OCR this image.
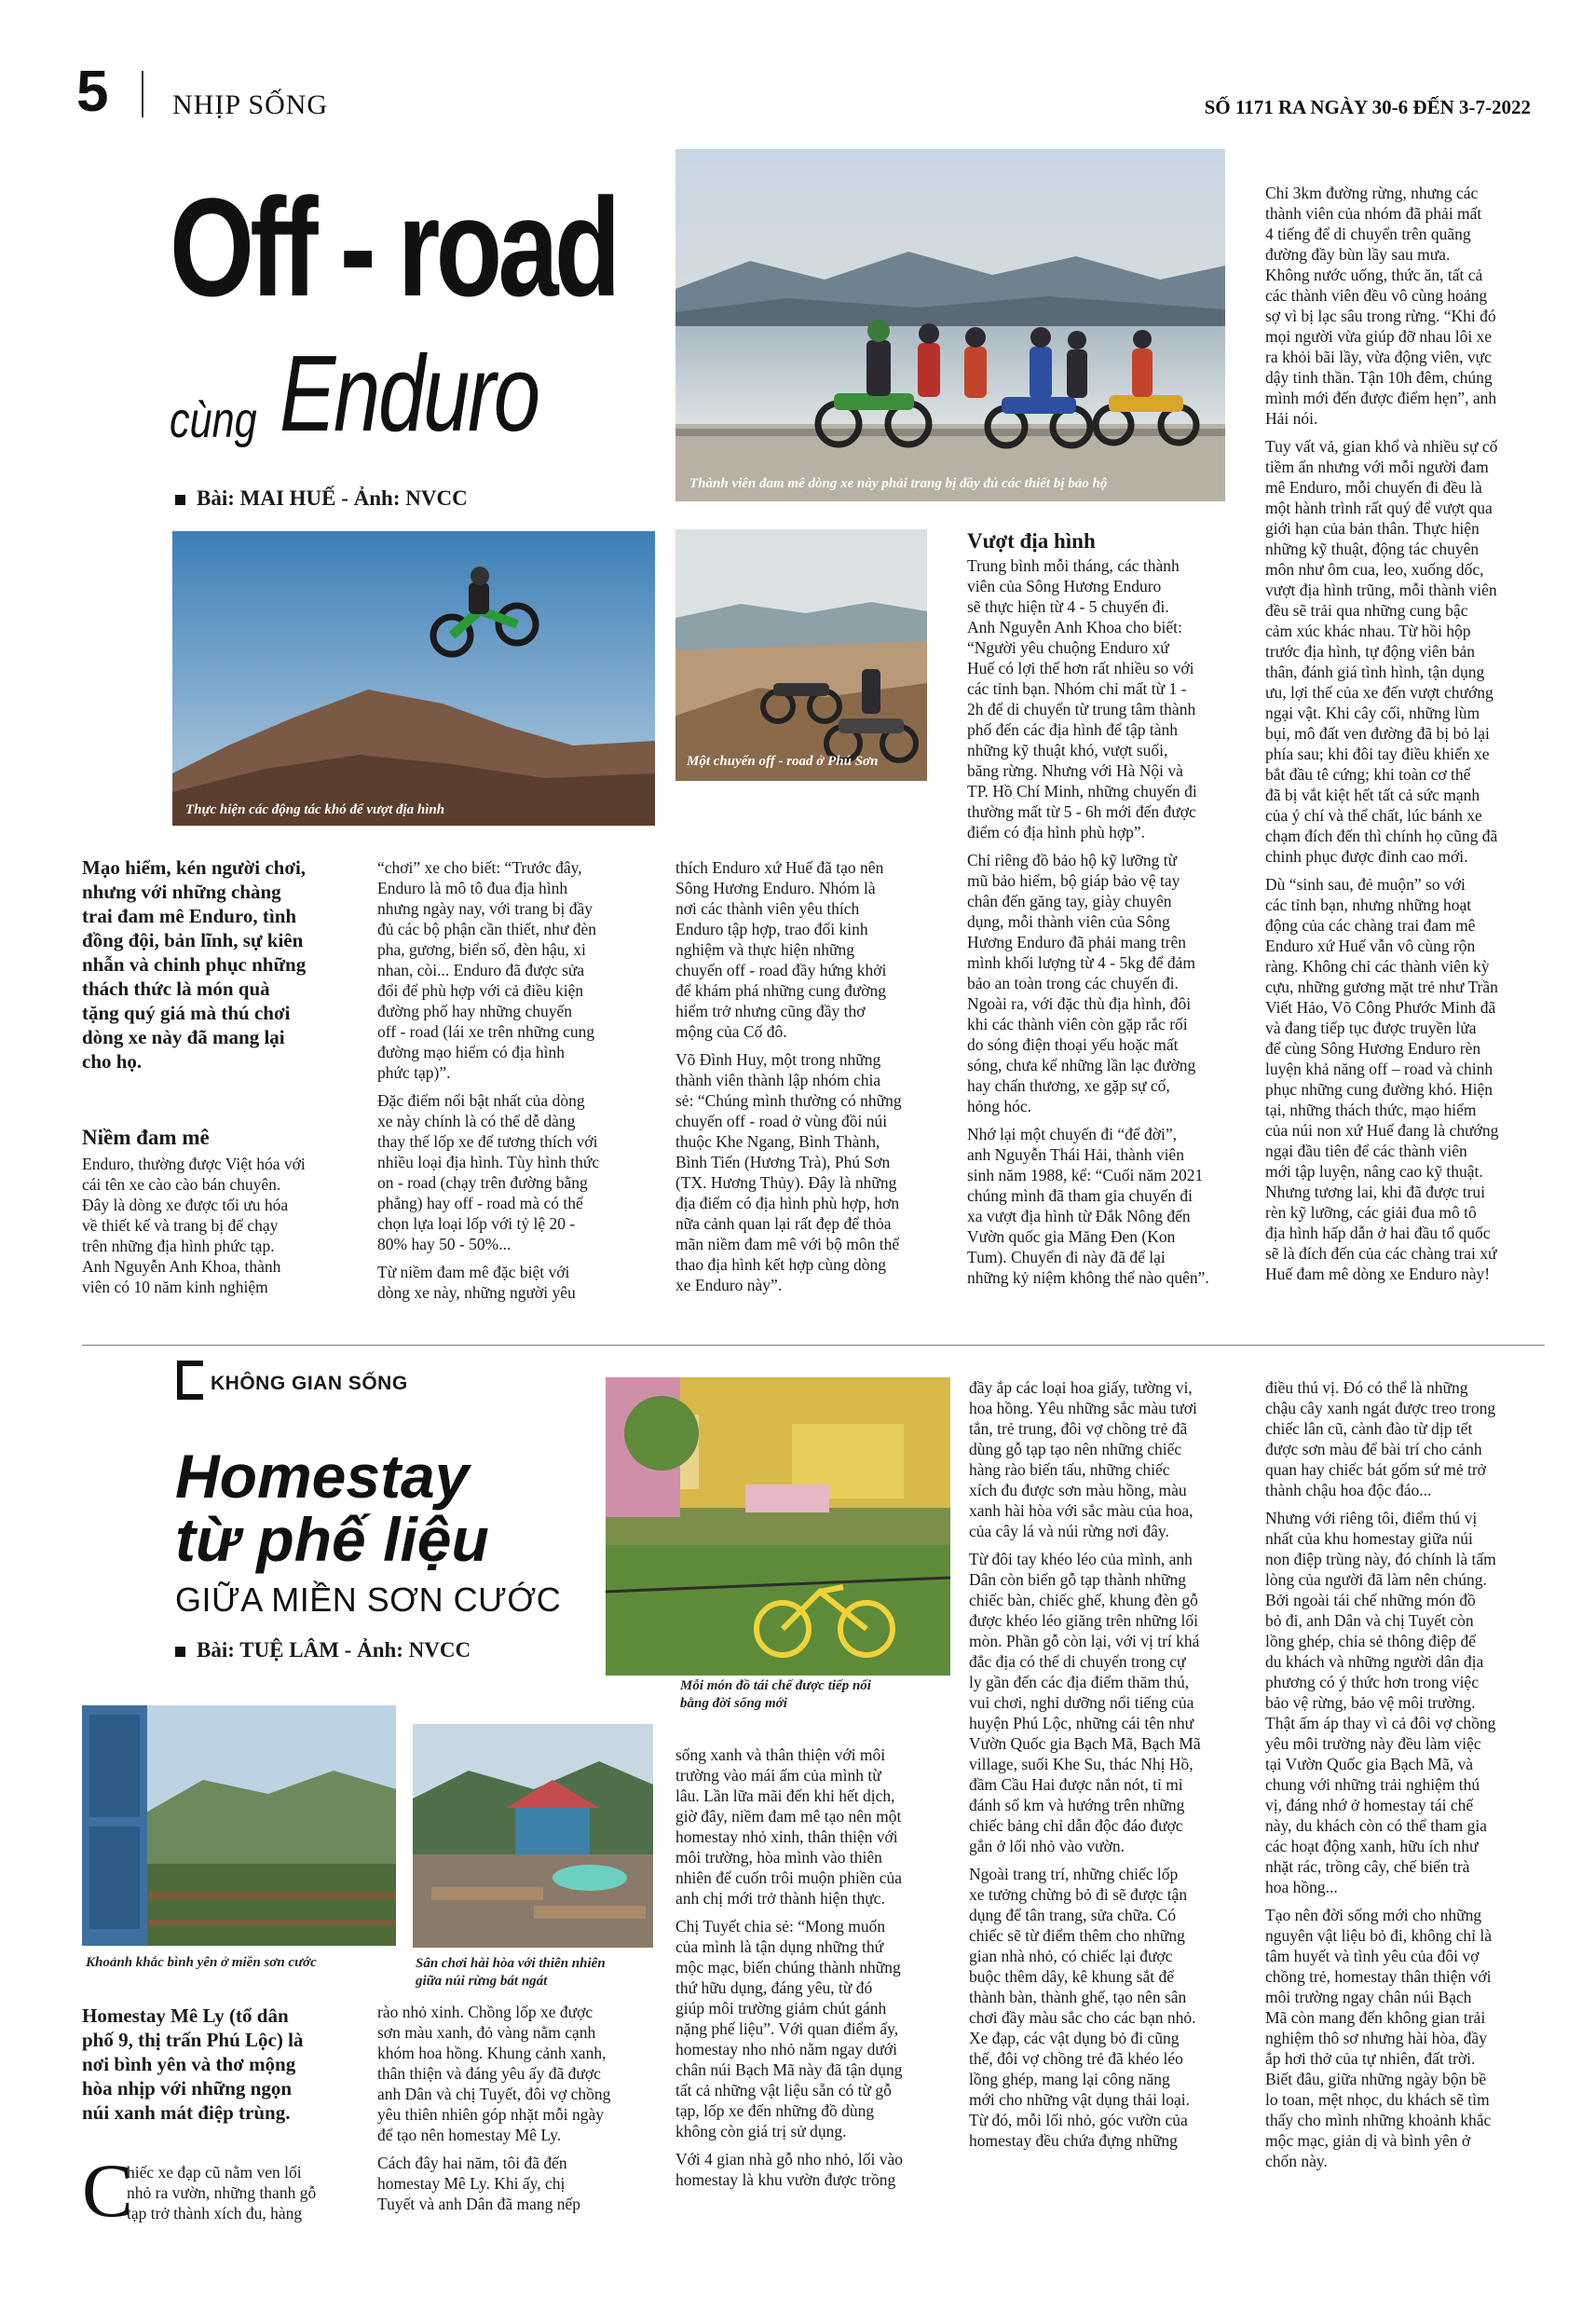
5 NHỊP SỐNG	SỐ 1171 RA NGÀY 30-6 ĐẾN 3-7-2022
Off - road
cùng Enduro
Bài: MAI HUẾ - Ảnh: NVCC
Thành viên đam mê dòng xe này phải trang bị đầy đủ các thiết bị bảo hộ
Thực hiện các động tác khó để vượt địa hình
Một chuyến off - road ở Phú Sơn
Mạo hiểm, kén người chơi,
nhưng với những chàng
trai đam mê Enduro, tình
đồng đội, bản lĩnh, sự kiên
nhẫn và chinh phục những
thách thức là món quà
tặng quý giá mà thú chơi
dòng xe này đã mang lại
cho họ.
Niềm đam mê

Enduro, thường được Việt hóa với
cái tên xe cào cào bán chuyên.
Đây là dòng xe được tối ưu hóa
về thiết kế và trang bị để chạy
trên những địa hình phức tạp.
Anh Nguyễn Anh Khoa, thành
viên có 10 năm kinh nghiệm

“chơi” xe cho biết: “Trước đây,
Enduro là mô tô đua địa hình
nhưng ngày nay, với trang bị đầy
đủ các bộ phận cần thiết, như đèn
pha, gương, biển số, đèn hậu, xi
nhan, còi... Enduro đã được sửa
đổi để phù hợp với cả điều kiện
đường phố hay những chuyến
off - road (lái xe trên những cung
đường mạo hiểm có địa hình
phức tạp)”.

Đặc điểm nổi bật nhất của dòng
xe này chính là có thể dễ dàng
thay thế lốp xe để tương thích với
nhiều loại địa hình. Tùy hình thức
on - road (chạy trên đường bằng
phẳng) hay off - road mà có thể
chọn lựa loại lốp với tỷ lệ 20 -
80% hay 50 - 50%...

Từ niềm đam mê đặc biệt với
dòng xe này, những người yêu

thích Enduro xứ Huế đã tạo nên
Sông Hương Enduro. Nhóm là
nơi các thành viên yêu thích
Enduro tập hợp, trao đổi kinh
nghiệm và thực hiện những
chuyến off - road đầy hứng khởi
để khám phá những cung đường
hiểm trở nhưng cũng đầy thơ
mộng của Cố đô.

Võ Đình Huy, một trong những
thành viên thành lập nhóm chia
sẻ: “Chúng mình thường có những
chuyến off - road ở vùng đồi núi
thuộc Khe Ngang, Bình Thành,
Bình Tiến (Hương Trà), Phú Sơn
(TX. Hương Thủy). Đây là những
địa điểm có địa hình phù hợp, hơn
nữa cảnh quan lại rất đẹp để thỏa
mãn niềm đam mê với bộ môn thể
thao địa hình kết hợp cùng dòng
xe Enduro này”.

Vượt địa hình

Trung bình mỗi tháng, các thành
viên của Sông Hương Enduro
sẽ thực hiện từ 4 - 5 chuyến đi.
Anh Nguyễn Anh Khoa cho biết:
“Người yêu chuộng Enduro xứ
Huế có lợi thế hơn rất nhiều so với
các tỉnh bạn. Nhóm chỉ mất từ 1 -
2h để di chuyển từ trung tâm thành
phố đến các địa hình để tập tành
những kỹ thuật khó, vượt suối,
băng rừng. Nhưng với Hà Nội và
TP. Hồ Chí Minh, những chuyến đi
thường mất từ 5 - 6h mới đến được
điểm có địa hình phù hợp”.

Chỉ riêng đồ bảo hộ kỹ lưỡng từ
mũ bảo hiểm, bộ giáp bảo vệ tay
chân đến găng tay, giày chuyên
dụng, mỗi thành viên của Sông
Hương Enduro đã phải mang trên
mình khối lượng từ 4 - 5kg để đảm
bảo an toàn trong các chuyến đi.
Ngoài ra, với đặc thù địa hình, đôi
khi các thành viên còn gặp rắc rối
do sóng điện thoại yếu hoặc mất
sóng, chưa kể những lần lạc đường
hay chấn thương, xe gặp sự cố,
hỏng hóc.

Nhớ lại một chuyến đi “để đời”,
anh Nguyễn Thái Hải, thành viên
sinh năm 1988, kể: “Cuối năm 2021
chúng mình đã tham gia chuyến đi
xa vượt địa hình từ Đắk Nông đến
Vườn quốc gia Măng Đen (Kon
Tum). Chuyến đi này đã để lại
những kỷ niệm không thể nào quên”.

Chỉ 3km đường rừng, nhưng các
thành viên của nhóm đã phải mất
4 tiếng để di chuyển trên quãng
đường đầy bùn lầy sau mưa.
Không nước uống, thức ăn, tất cả
các thành viên đều vô cùng hoảng
sợ vì bị lạc sâu trong rừng. “Khi đó
mọi người vừa giúp đỡ nhau lôi xe
ra khỏi bãi lầy, vừa động viên, vực
dậy tinh thần. Tận 10h đêm, chúng
mình mới đến được điểm hẹn”, anh
Hải nói.

Tuy vất vả, gian khổ và nhiều sự cố
tiềm ẩn nhưng với mỗi người đam
mê Enduro, mỗi chuyến đi đều là
một hành trình rất quý để vượt qua
giới hạn của bản thân. Thực hiện
những kỹ thuật, động tác chuyên
môn như ôm cua, leo, xuống dốc,
vượt địa hình trũng, mỗi thành viên
đều sẽ trải qua những cung bậc
cảm xúc khác nhau. Từ hồi hộp
trước địa hình, tự động viên bản
thân, đánh giá tình hình, tận dụng
ưu, lợi thế của xe đến vượt chướng
ngại vật. Khi cây cối, những lùm
bụi, mô đất ven đường đã bị bỏ lại
phía sau; khi đôi tay điều khiển xe
bắt đầu tê cứng; khi toàn cơ thể
đã bị vắt kiệt hết tất cả sức mạnh
của ý chí và thể chất, lúc bánh xe
chạm đích đến thì chính họ cũng đã
chinh phục được đỉnh cao mới.

Dù “sinh sau, đẻ muộn” so với
các tỉnh bạn, nhưng những hoạt
động của các chàng trai đam mê
Enduro xứ Huế vẫn vô cùng rộn
ràng. Không chỉ các thành viên kỳ
cựu, những gương mặt trẻ như Trần
Viết Hảo, Võ Công Phước Minh đã
và đang tiếp tục được truyền lửa
để cùng Sông Hương Enduro rèn
luyện khả năng off – road và chinh
phục những cung đường khó. Hiện
tại, những thách thức, mạo hiểm
của núi non xứ Huế đang là chướng
ngại đầu tiên để các thành viên
mới tập luyện, nâng cao kỹ thuật.
Nhưng tương lai, khi đã được trui
rèn kỹ lưỡng, các giải đua mô tô
địa hình hấp dẫn ở hai đầu tổ quốc
sẽ là đích đến của các chàng trai xứ
Huế đam mê dòng xe Enduro này!

KHÔNG GIAN SỐNG
Homestay
từ phế liệu
GIỮA MIỀN SƠN CƯỚC
Bài: TUỆ LÂM - Ảnh: NVCC
Mỗi món đồ tái chế được tiếp nối
bằng đời sống mới
Khoảnh khắc bình yên ở miền sơn cước	Sân chơi hài hòa với thiên nhiên
giữa núi rừng bát ngát
Homestay Mê Ly (tổ dân
phố 9, thị trấn Phú Lộc) là
nơi bình yên và thơ mộng
hòa nhịp với những ngọn
núi xanh mát điệp trùng.
C

hiếc xe đạp cũ nằm ven lối
nhỏ ra vườn, những thanh gỗ
tạp trở thành xích đu, hàng

rào nhỏ xinh. Chồng lốp xe được
sơn màu xanh, đỏ vàng nằm cạnh
khóm hoa hồng. Khung cảnh xanh,
thân thiện và đáng yêu ấy đã được
anh Dân và chị Tuyết, đôi vợ chồng
yêu thiên nhiên góp nhặt mỗi ngày
để tạo nên homestay Mê Ly.

Cách đây hai năm, tôi đã đến
homestay Mê Ly. Khi ấy, chị
Tuyết và anh Dân đã mang nếp

sống xanh và thân thiện với môi
trường vào mái ấm của mình từ
lâu. Lần lữa mãi đến khi hết dịch,
giờ đây, niềm đam mê tạo nên một
homestay nhỏ xinh, thân thiện với
môi trường, hòa mình vào thiên
nhiên để cuốn trôi muộn phiền của
anh chị mới trở thành hiện thực.

Chị Tuyết chia sẻ: “Mong muốn
của mình là tận dụng những thứ
mộc mạc, biến chúng thành những
thứ hữu dụng, đáng yêu, từ đó
giúp môi trường giảm chút gánh
nặng phế liệu”. Với quan điểm ấy,
homestay nho nhỏ nằm ngay dưới
chân núi Bạch Mã này đã tận dụng
tất cả những vật liệu sẵn có từ gỗ
tạp, lốp xe đến những đồ dùng
không còn giá trị sử dụng.

Với 4 gian nhà gỗ nho nhỏ, lối vào
homestay là khu vườn được trồng

đầy ắp các loại hoa giấy, tường vi,
hoa hồng. Yêu những sắc màu tươi
tắn, trẻ trung, đôi vợ chồng trẻ đã
dùng gỗ tạp tạo nên những chiếc
hàng rào biến tấu, những chiếc
xích đu được sơn màu hồng, màu
xanh hài hòa với sắc màu của hoa,
của cây lá và núi rừng nơi đây.

Từ đôi tay khéo léo của mình, anh
Dân còn biến gỗ tạp thành những
chiếc bàn, chiếc ghế, khung đèn gỗ
được khéo léo giăng trên những lối
mòn. Phần gỗ còn lại, với vị trí khá
đắc địa có thể di chuyển trong cự
ly gần đến các địa điểm thăm thú,
vui chơi, nghỉ dưỡng nổi tiếng của
huyện Phú Lộc, những cái tên như
Vườn Quốc gia Bạch Mã, Bạch Mã
village, suối Khe Su, thác Nhị Hồ,
đầm Cầu Hai được nắn nót, tỉ mỉ
đánh số km và hướng trên những
chiếc bảng chỉ dẫn độc đáo được
gắn ở lối nhỏ vào vườn.

Ngoài trang trí, những chiếc lốp
xe tưởng chừng bỏ đi sẽ được tận
dụng để tân trang, sửa chữa. Có
chiếc sẽ từ điểm thêm cho những
gian nhà nhỏ, có chiếc lại được
buộc thêm dây, kê khung sắt để
thành bàn, thành ghế, tạo nên sân
chơi đầy màu sắc cho các bạn nhỏ.
Xe đạp, các vật dụng bỏ đi cũng
thế, đôi vợ chồng trẻ đã khéo léo
lồng ghép, mang lại công năng
mới cho những vật dụng thải loại.
Từ đó, mỗi lối nhỏ, góc vườn của
homestay đều chứa đựng những

điều thú vị. Đó có thể là những
chậu cây xanh ngát được treo trong
chiếc lân cũ, cành đào từ dịp tết
được sơn màu để bài trí cho cảnh
quan hay chiếc bát gốm sứ mẻ trở
thành chậu hoa độc đáo...

Nhưng với riêng tôi, điểm thú vị
nhất của khu homestay giữa núi
non điệp trùng này, đó chính là tấm
lòng của người đã làm nên chúng.
Bởi ngoài tái chế những món đồ
bỏ đi, anh Dân và chị Tuyết còn
lồng ghép, chia sẻ thông điệp để
du khách và những người dân địa
phương có ý thức hơn trong việc
bảo vệ rừng, bảo vệ môi trường.
Thật ấm áp thay vì cả đôi vợ chồng
yêu môi trường này đều làm việc
tại Vườn Quốc gia Bạch Mã, và
chung với những trải nghiệm thú
vị, đáng nhớ ở homestay tái chế
này, du khách còn có thể tham gia
các hoạt động xanh, hữu ích như
nhặt rác, trồng cây, chế biến trà
hoa hồng...

Tạo nên đời sống mới cho những
nguyên vật liệu bỏ đi, không chỉ là
tâm huyết và tình yêu của đôi vợ
chồng trẻ, homestay thân thiện với
môi trường ngay chân núi Bạch
Mã còn mang đến không gian trải
nghiệm thô sơ nhưng hài hòa, đầy
ắp hơi thở của tự nhiên, đất trời.
Biết đâu, giữa những ngày bộn bề
lo toan, mệt nhọc, du khách sẽ tìm
thấy cho mình những khoảnh khắc
mộc mạc, giản dị và bình yên ở
chốn này.
